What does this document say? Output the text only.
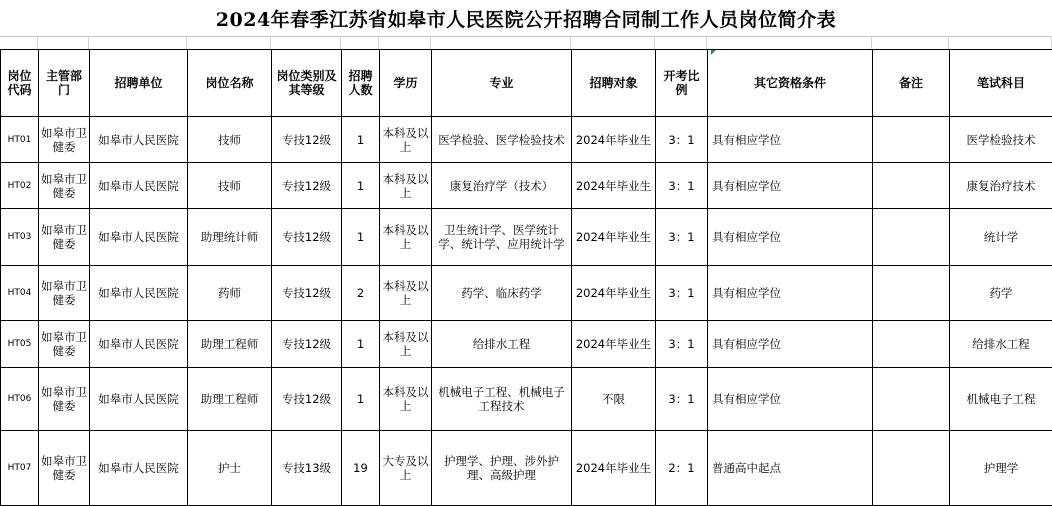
2024年春季江苏省如皋市人民医院公开招聘合同制工作人员岗位简介表
岗位代码	主管部门	招聘单位	岗位名称	岗位类别及其等级	招聘人数	学历	专业	招聘对象	开考比例	其它资格条件	备注	笔试科目
HT01	如皋市卫健委	如皋市人民医院	技师	专技12级	1	本科及以上	医学检验、医学检验技术	2024年毕业生	3：1	具有相应学位		医学检验技术
HT02	如皋市卫健委	如皋市人民医院	技师	专技12级	1	本科及以上	康复治疗学（技术）	2024年毕业生	3：1	具有相应学位		康复治疗技术
HT03	如皋市卫健委	如皋市人民医院	助理统计师	专技12级	1	本科及以上	卫生统计学、医学统计学、统计学、应用统计学	2024年毕业生	3：1	具有相应学位		统计学
HT04	如皋市卫健委	如皋市人民医院	药师	专技12级	2	本科及以上	药学、临床药学	2024年毕业生	3：1	具有相应学位		药学
HT05	如皋市卫健委	如皋市人民医院	助理工程师	专技12级	1	本科及以上	给排水工程	2024年毕业生	3：1	具有相应学位		给排水工程
HT06	如皋市卫健委	如皋市人民医院	助理工程师	专技12级	1	本科及以上	机械电子工程、机械电子工程技术	不限	3：1	具有相应学位		机械电子工程
HT07	如皋市卫健委	如皋市人民医院	护士	专技13级	19	大专及以上	护理学、护理、涉外护理、高级护理	2024年毕业生	2：1	普通高中起点		护理学
